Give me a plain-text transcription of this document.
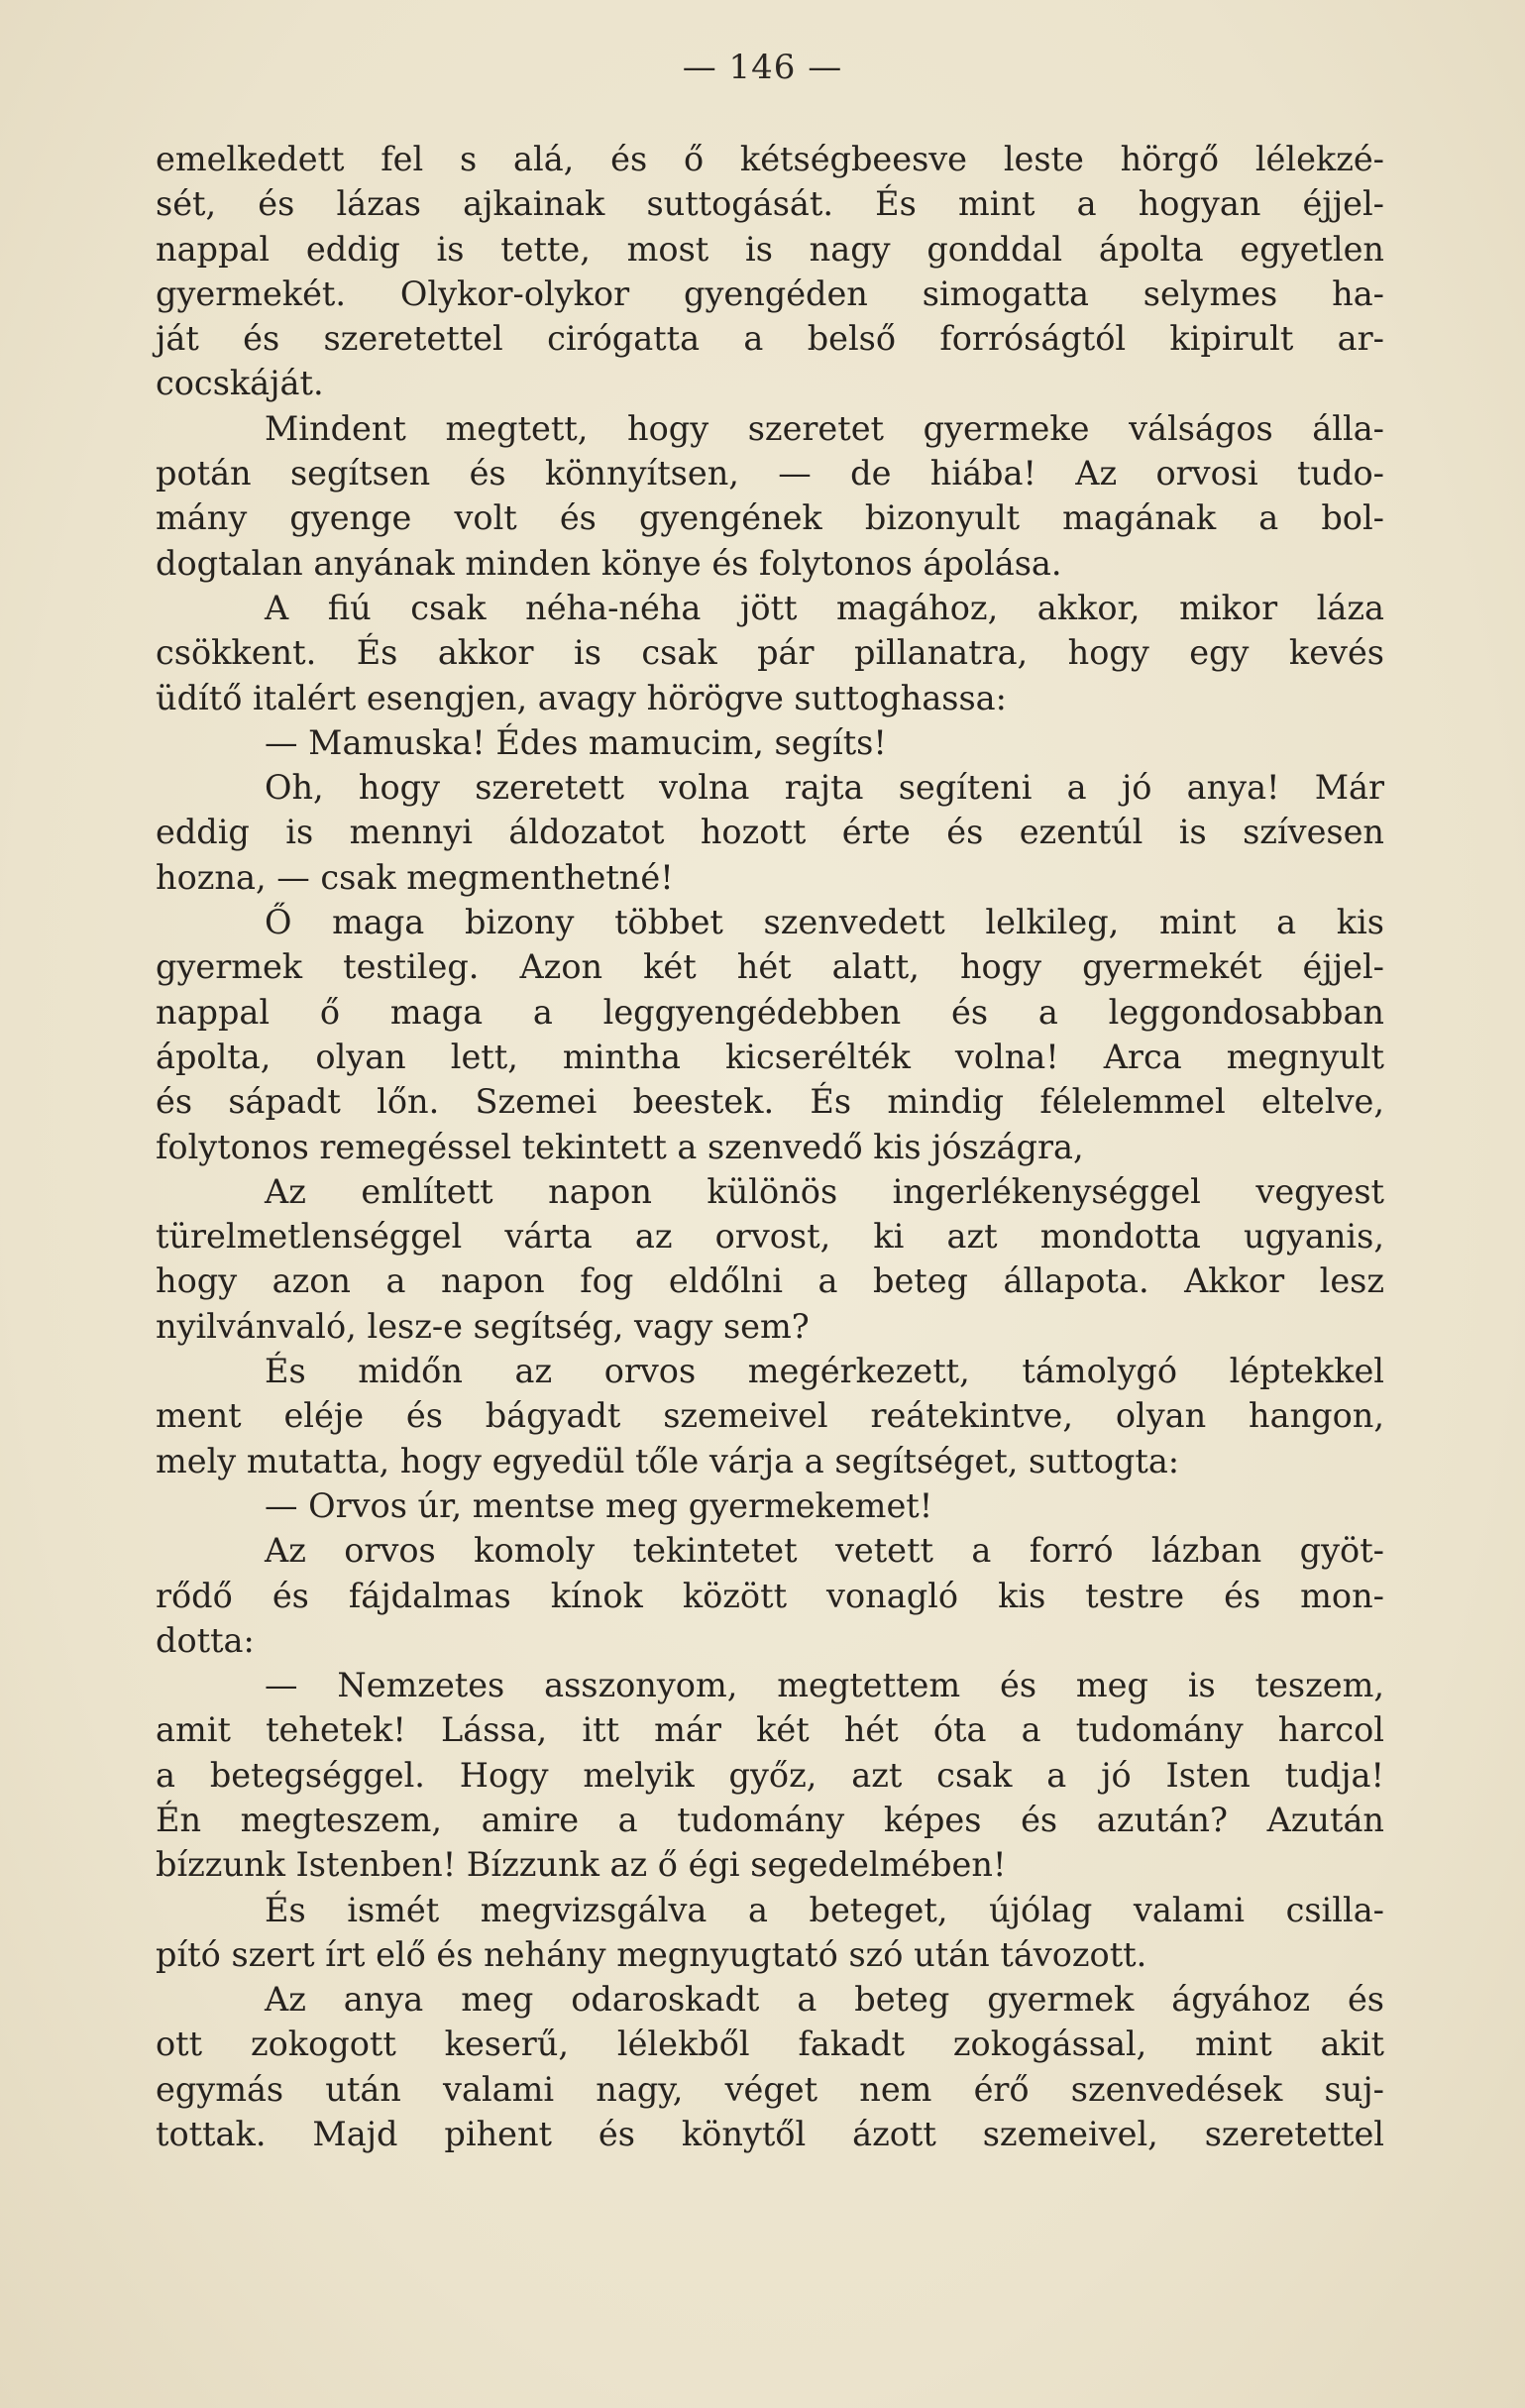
— 146 —
emelkedett fel s alá, és ő kétségbeesve leste hörgő lélekzé-
sét, és lázas ajkainak suttogását. És mint a hogyan éjjel-
nappal eddig is tette, most is nagy gonddal ápolta egyetlen
gyermekét. Olykor-olykor gyengéden simogatta selymes ha-
ját és szeretettel cirógatta a belső forróságtól kipirult ar-
cocskáját.
Mindent megtett, hogy szeretet gyermeke válságos álla-
potán segítsen és könnyítsen, — de hiába! Az orvosi tudo-
mány gyenge volt és gyengének bizonyult magának a bol-
dogtalan anyának minden könye és folytonos ápolása.
A fiú csak néha-néha jött magához, akkor, mikor láza
csökkent. És akkor is csak pár pillanatra, hogy egy kevés
üdítő italért esengjen, avagy hörögve suttoghassa:
— Mamuska! Édes mamucim, segíts!
Oh, hogy szeretett volna rajta segíteni a jó anya! Már
eddig is mennyi áldozatot hozott érte és ezentúl is szívesen
hozna, — csak megmenthetné!
Ő maga bizony többet szenvedett lelkileg, mint a kis
gyermek testileg. Azon két hét alatt, hogy gyermekét éjjel-
nappal ő maga a leggyengédebben és a leggondosabban
ápolta, olyan lett, mintha kicserélték volna! Arca megnyult
és sápadt lőn. Szemei beestek. És mindig félelemmel eltelve,
folytonos remegéssel tekintett a szenvedő kis jószágra,
Az említett napon különös ingerlékenységgel vegyest
türelmetlenséggel várta az orvost, ki azt mondotta ugyanis,
hogy azon a napon fog eldőlni a beteg állapota. Akkor lesz
nyilvánvaló, lesz-e segítség, vagy sem?
És midőn az orvos megérkezett, támolygó léptekkel
ment eléje és bágyadt szemeivel reátekintve, olyan hangon,
mely mutatta, hogy egyedül tőle várja a segítséget, suttogta:
— Orvos úr, mentse meg gyermekemet!
Az orvos komoly tekintetet vetett a forró lázban gyöt-
rődő és fájdalmas kínok között vonagló kis testre és mon-
dotta:
— Nemzetes asszonyom, megtettem és meg is teszem,
amit tehetek! Lássa, itt már két hét óta a tudomány harcol
a betegséggel. Hogy melyik győz, azt csak a jó Isten tudja!
Én megteszem, amire a tudomány képes és azután? Azután
bízzunk Istenben! Bízzunk az ő égi segedelmében!
És ismét megvizsgálva a beteget, újólag valami csilla-
pító szert írt elő és nehány megnyugtató szó után távozott.
Az anya meg odaroskadt a beteg gyermek ágyához és
ott zokogott keserű, lélekből fakadt zokogással, mint akit
egymás után valami nagy, véget nem érő szenvedések suj-
tottak. Majd pihent és könytől ázott szemeivel, szeretettel
